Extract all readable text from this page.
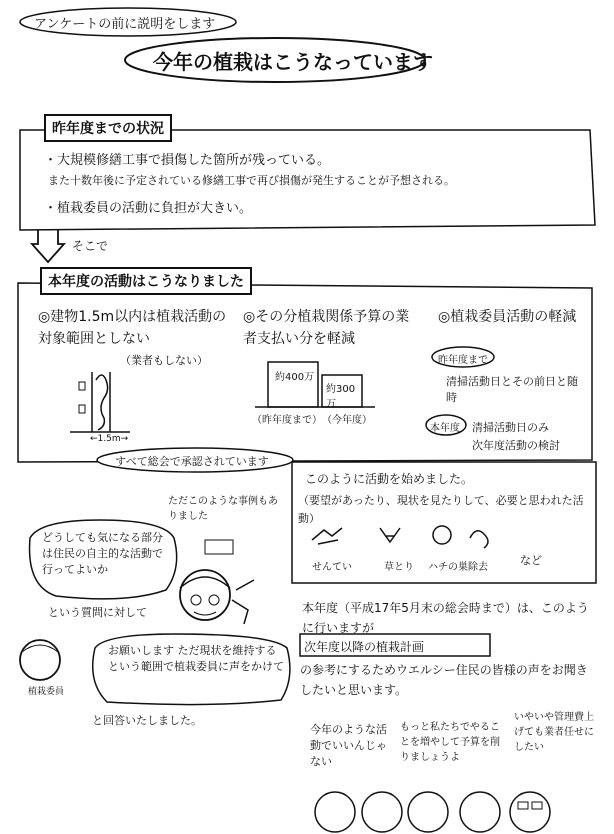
アンケートの前に説明をします
今年の植栽はこうなっています
昨年度までの状況
・大規模修繕工事で損傷した箇所が残っている。
また十数年後に予定されている修繕工事で再び損傷が発生することが予想される。
・植栽委員の活動に負担が大きい。
そこで
本年度の活動はこうなりました
◎建物1.5m以内は植栽活動の対象範囲としない
（業者もしない）
←1.5m→
◎その分植栽関係予算の業者支払い分を軽減
約400万
約300万
（昨年度まで） （今年度）
◎植栽委員活動の軽減
昨年度まで
清掃活動日とその前日と随時
本年度 清掃活動日のみ
次年度活動の検討
すべて総会で承認されています
このように活動を始めました。
（要望があったり、現状を見たりして、必要と思われた活動）
せんてい	草とり ハチの巣除去
など
ただこのような事例もありました
どうしても気になる部分は住民の自主的な活動で行ってよいか
という質問に対して
お願いします ただ現状を維持するという範囲で植栽委員に声をかけて
と回答いたしました。
植栽委員
本年度（平成17年5月末の総会時まで）は、このように行いますが
次年度以降の植栽計画
の参考にするためウエルシー住民の皆様の声をお聞きしたいと思います。
今年のような活動でいいんじゃない
もっと私たちでやることを増やして予算を削りましょうよ
いやいや管理費上げても業者任せにしたい
